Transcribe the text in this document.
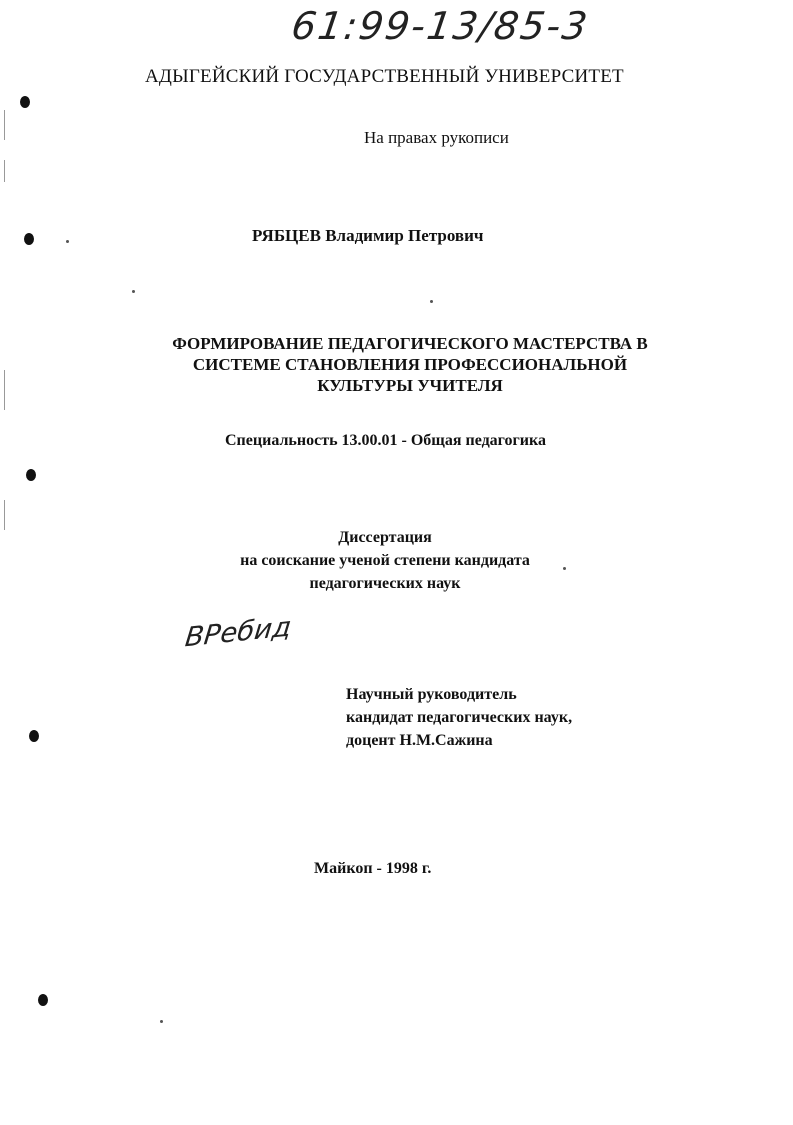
61:99-13/85-3
АДЫГЕЙСКИЙ ГОСУДАРСТВЕННЫЙ УНИВЕРСИТЕТ
На правах рукописи
РЯБЦЕВ Владимир Петрович
ФОРМИРОВАНИЕ ПЕДАГОГИЧЕСКОГО МАСТЕРСТВА В
СИСТЕМЕ СТАНОВЛЕНИЯ ПРОФЕССИОНАЛЬНОЙ
КУЛЬТУРЫ УЧИТЕЛЯ
Специальность 13.00.01 - Общая педагогика
Диссертация
на соискание ученой степени кандидата
педагогических наук
ВРебид
Научный руководитель
кандидат педагогических наук,
доцент Н.М.Сажина
Майкоп - 1998 г.
